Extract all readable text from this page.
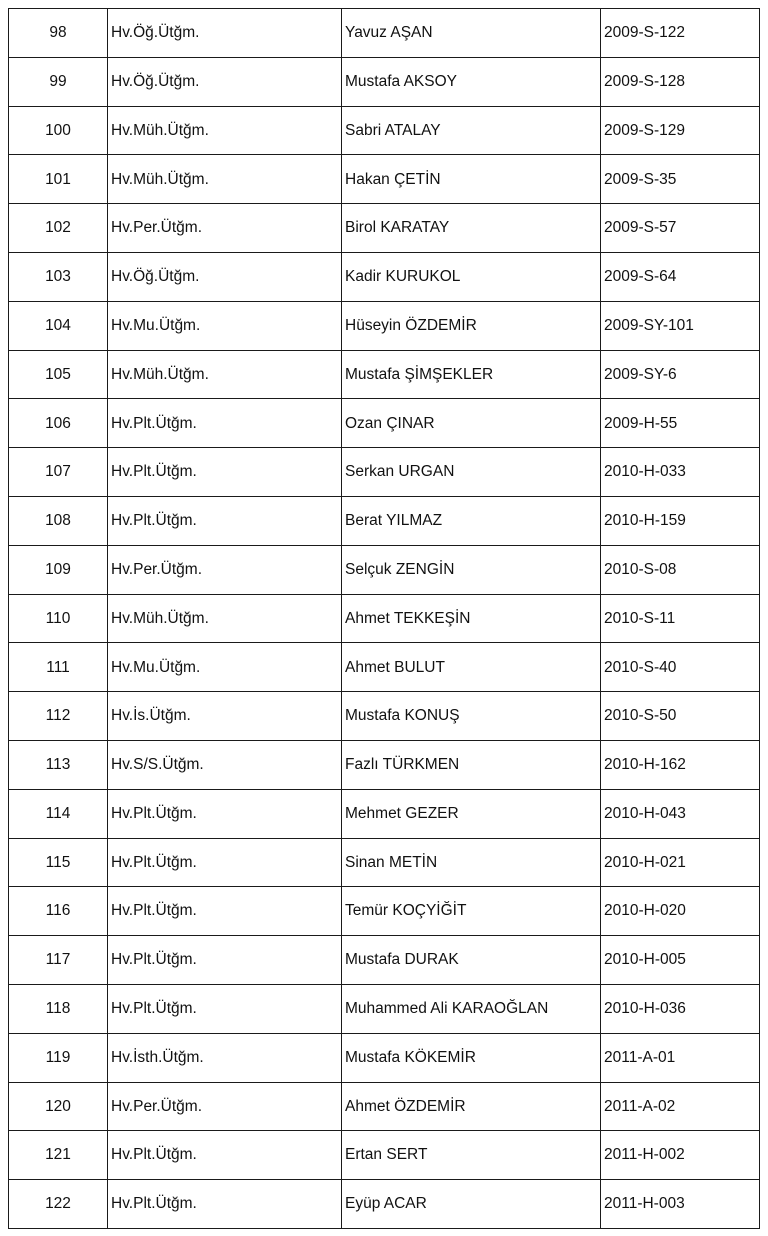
98	Hv.Öğ.Ütğm.	Yavuz AŞAN	2009-S-122
99	Hv.Öğ.Ütğm.	Mustafa AKSOY	2009-S-128
100	Hv.Müh.Ütğm.	Sabri ATALAY	2009-S-129
101	Hv.Müh.Ütğm.	Hakan ÇETİN	2009-S-35
102	Hv.Per.Ütğm.	Birol KARATAY	2009-S-57
103	Hv.Öğ.Ütğm.	Kadir KURUKOL	2009-S-64
104	Hv.Mu.Ütğm.	Hüseyin ÖZDEMİR	2009-SY-101
105	Hv.Müh.Ütğm.	Mustafa ŞİMŞEKLER	2009-SY-6
106	Hv.Plt.Ütğm.	Ozan ÇINAR	2009-H-55
107	Hv.Plt.Ütğm.	Serkan URGAN	2010-H-033
108	Hv.Plt.Ütğm.	Berat YILMAZ	2010-H-159
109	Hv.Per.Ütğm.	Selçuk ZENGİN	2010-S-08
110	Hv.Müh.Ütğm.	Ahmet TEKKEŞİN	2010-S-11
111	Hv.Mu.Ütğm.	Ahmet BULUT	2010-S-40
112	Hv.İs.Ütğm.	Mustafa KONUŞ	2010-S-50
113	Hv.S/S.Ütğm.	Fazlı TÜRKMEN	2010-H-162
114	Hv.Plt.Ütğm.	Mehmet GEZER	2010-H-043
115	Hv.Plt.Ütğm.	Sinan METİN	2010-H-021
116	Hv.Plt.Ütğm.	Temür KOÇYİĞİT	2010-H-020
117	Hv.Plt.Ütğm.	Mustafa DURAK	2010-H-005
118	Hv.Plt.Ütğm.	Muhammed Ali KARAOĞLAN	2010-H-036
119	Hv.İsth.Ütğm.	Mustafa KÖKEMİR	2011-A-01
120	Hv.Per.Ütğm.	Ahmet ÖZDEMİR	2011-A-02
121	Hv.Plt.Ütğm.	Ertan SERT	2011-H-002
122	Hv.Plt.Ütğm.	Eyüp ACAR	2011-H-003
